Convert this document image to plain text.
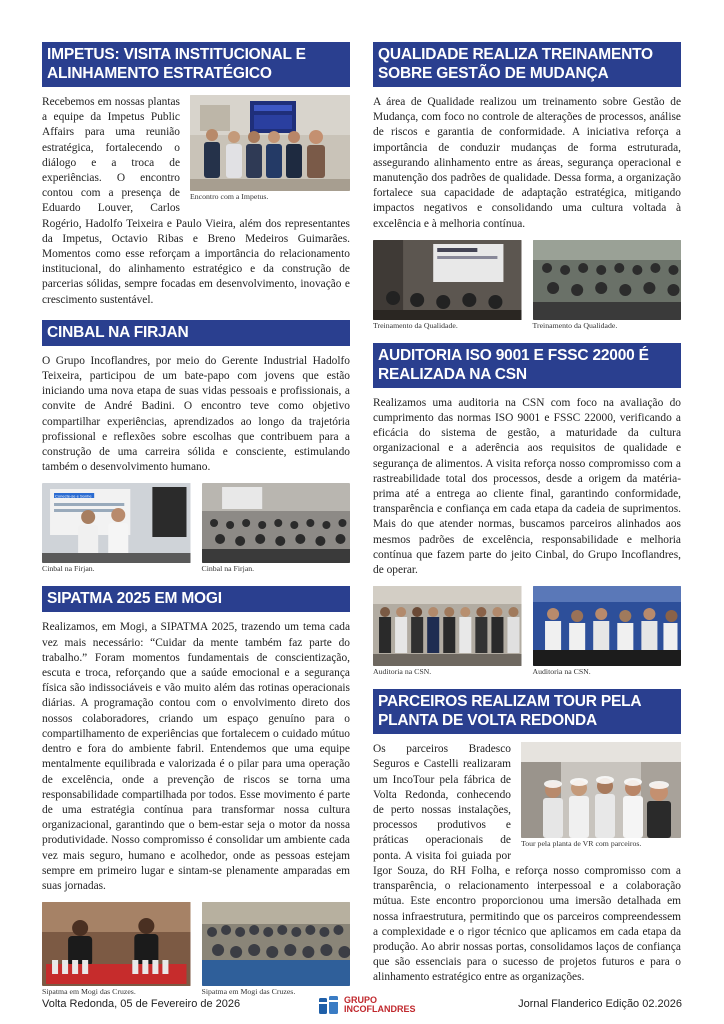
IMPETUS: VISITA INSTITUCIONAL E ALINHAMENTO ESTRATÉGICO
Encontro com a Impetus.
Recebemos em nossas plantas a equipe da Impetus Public Affairs para uma reunião estratégica, fortalecendo o diálogo e a troca de experiências. O encontro contou com a presença de Eduardo Louver, Carlos Rogério, Hadolfo Teixeira e Paulo Vieira, além dos representantes da Impetus, Octavio Ribas e Breno Medeiros Guimarães. Momentos como esse reforçam a importância do relacionamento institucional, do alinhamento estratégico e da construção de parcerias sólidas, sempre focadas em desenvolvimento, inovação e crescimento sustentável.
CINBAL NA FIRJAN
O Grupo Incoflandres, por meio do Gerente Industrial Hadolfo Teixeira, participou de um bate-papo com jovens que estão iniciando uma nova etapa de suas vidas pessoais e profissionais, a convite de André Badini. O encontro teve como objetivo compartilhar experiências, aprendizados ao longo da trajetória profissional e reflexões sobre escolhas que contribuem para a construção de uma carreira sólida e consciente, estimulando também o desenvolvimento humano.
Conecte-se e Sonhe
Cinbal na Firjan.	Cinbal na Firjan.
SIPATMA 2025 EM MOGI
Realizamos, em Mogi, a SIPATMA 2025, trazendo um tema cada vez mais necessário: “Cuidar da mente também faz parte do trabalho.” Foram momentos fundamentais de conscientização, escuta e troca, reforçando que a saúde emocional e a segurança física são indissociáveis e vão muito além das rotinas operacionais diárias. A programação contou com o envolvimento direto dos nossos colaboradores, criando um espaço genuíno para o compartilhamento de experiências que fortalecem o cuidado mútuo dentro e fora do ambiente fabril. Entendemos que uma equipe mentalmente equilibrada e valorizada é o pilar para uma operação de excelência, onde a prevenção de riscos se torna uma responsabilidade compartilhada por todos. Esse movimento é parte de uma estratégia contínua para transformar nossa cultura organizacional, garantindo que o bem-estar seja o motor da nossa produtividade. Nosso compromisso é consolidar um ambiente cada vez mais seguro, humano e acolhedor, onde as pessoas estejam sempre em primeiro lugar e sintam-se plenamente amparadas em suas jornadas.
Sipatma em Mogi das Cruzes.	Sipatma em Mogi das Cruzes.
QUALIDADE REALIZA TREINAMENTO SOBRE GESTÃO DE MUDANÇA
A área de Qualidade realizou um treinamento sobre Gestão de Mudança, com foco no controle de alterações de processos, análise de riscos e garantia de conformidade. A iniciativa reforça a importância de conduzir mudanças de forma estruturada, assegurando alinhamento entre as áreas, segurança operacional e manutenção dos padrões de qualidade. Dessa forma, a organização fortalece sua capacidade de adaptação estratégica, mitigando impactos negativos e consolidando uma cultura voltada à excelência e à melhoria contínua.
Treinamento da Qualidade.	Treinamento da Qualidade.
AUDITORIA ISO 9001 E FSSC 22000 É REALIZADA NA CSN
Realizamos uma auditoria na CSN com foco na avaliação do cumprimento das normas ISO 9001 e FSSC 22000, verificando a eficácia do sistema de gestão, a maturidade da cultura organizacional e a aderência aos requisitos de qualidade e segurança de alimentos. A visita reforça nosso compromisso com a rastreabilidade total dos processos, desde a origem da matéria-prima até a entrega ao cliente final, garantindo conformidade, transparência e confiança em cada etapa da cadeia de suprimentos. Mais do que atender normas, buscamos parceiros alinhados aos mesmos padrões de excelência, responsabilidade e melhoria contínua que fazem parte do jeito Cinbal, do Grupo Incoflandres, de operar.
Auditoria na CSN.	Auditoria na CSN.
PARCEIROS REALIZAM TOUR PELA PLANTA DE VOLTA REDONDA
Tour pela planta de VR com parceiros.
Os parceiros Bradesco Seguros e Castelli realizaram um IncoTour pela fábrica de Volta Redonda, conhecendo de perto nossas instalações, processos produtivos e práticas operacionais de ponta. A visita foi guiada por Igor Souza, do RH Folha, e reforça nosso compromisso com a transparência, o relacionamento interpessoal e a colaboração mútua. Este encontro proporcionou uma imersão detalhada em nossa infraestrutura, permitindo que os parceiros compreendessem a complexidade e o rigor técnico que aplicamos em cada etapa da produção. Ao abrir nossas portas, consolidamos laços de confiança que são essenciais para o sucesso de projetos futuros e para o alinhamento estratégico entre as organizações.
Volta Redonda, 05 de Fevereiro de 2026	GRUPO
INCOFLANDRES	Jornal Flanderico Edição 02.2026
